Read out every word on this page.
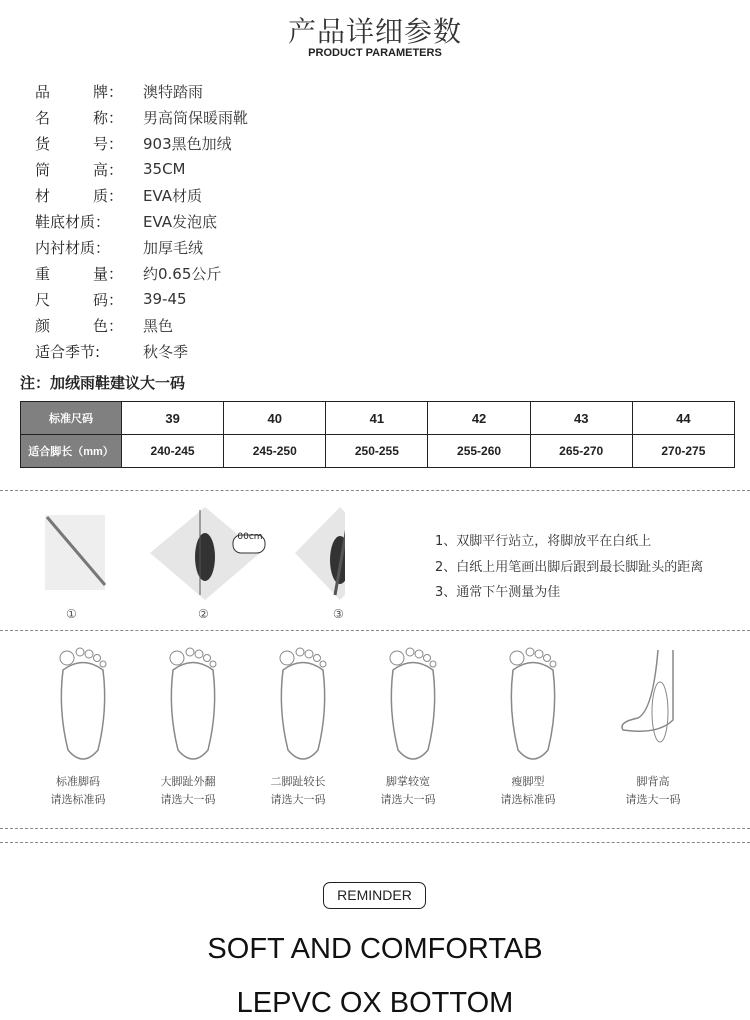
产品详细参数
PRODUCT PARAMETERS
品	牌： 澳特踏雨
名	称： 男高筒保暖雨靴
货	号： 903黑色加绒
筒	高： 35CM
材	质： EVA材质
鞋底材质： EVA发泡底
内衬材质： 加厚毛绒
重	量： 约0.65公斤
尺	码： 39-45
颜	色： 黑色
适合季节:	秋冬季
注：加绒雨鞋建议大一码
标准尺码	39	40	41	42	43	44
适合脚长（mm）	240-245	245-250	250-255	255-260	265-270	270-275
00cm
①	②	③
1、双脚平行站立，将脚放平在白纸上
2、白纸上用笔画出脚后跟到最长脚趾头的距离
3、通常下午测量为佳
标准脚码
请选标准码
大脚趾外翻
请选大一码
二脚趾较长
请选大一码
脚掌较宽
请选大一码
瘦脚型
请选标准码
脚背高
请选大一码
REMINDER
SOFT AND COMFORTAB
LEPVC OX BOTTOM
